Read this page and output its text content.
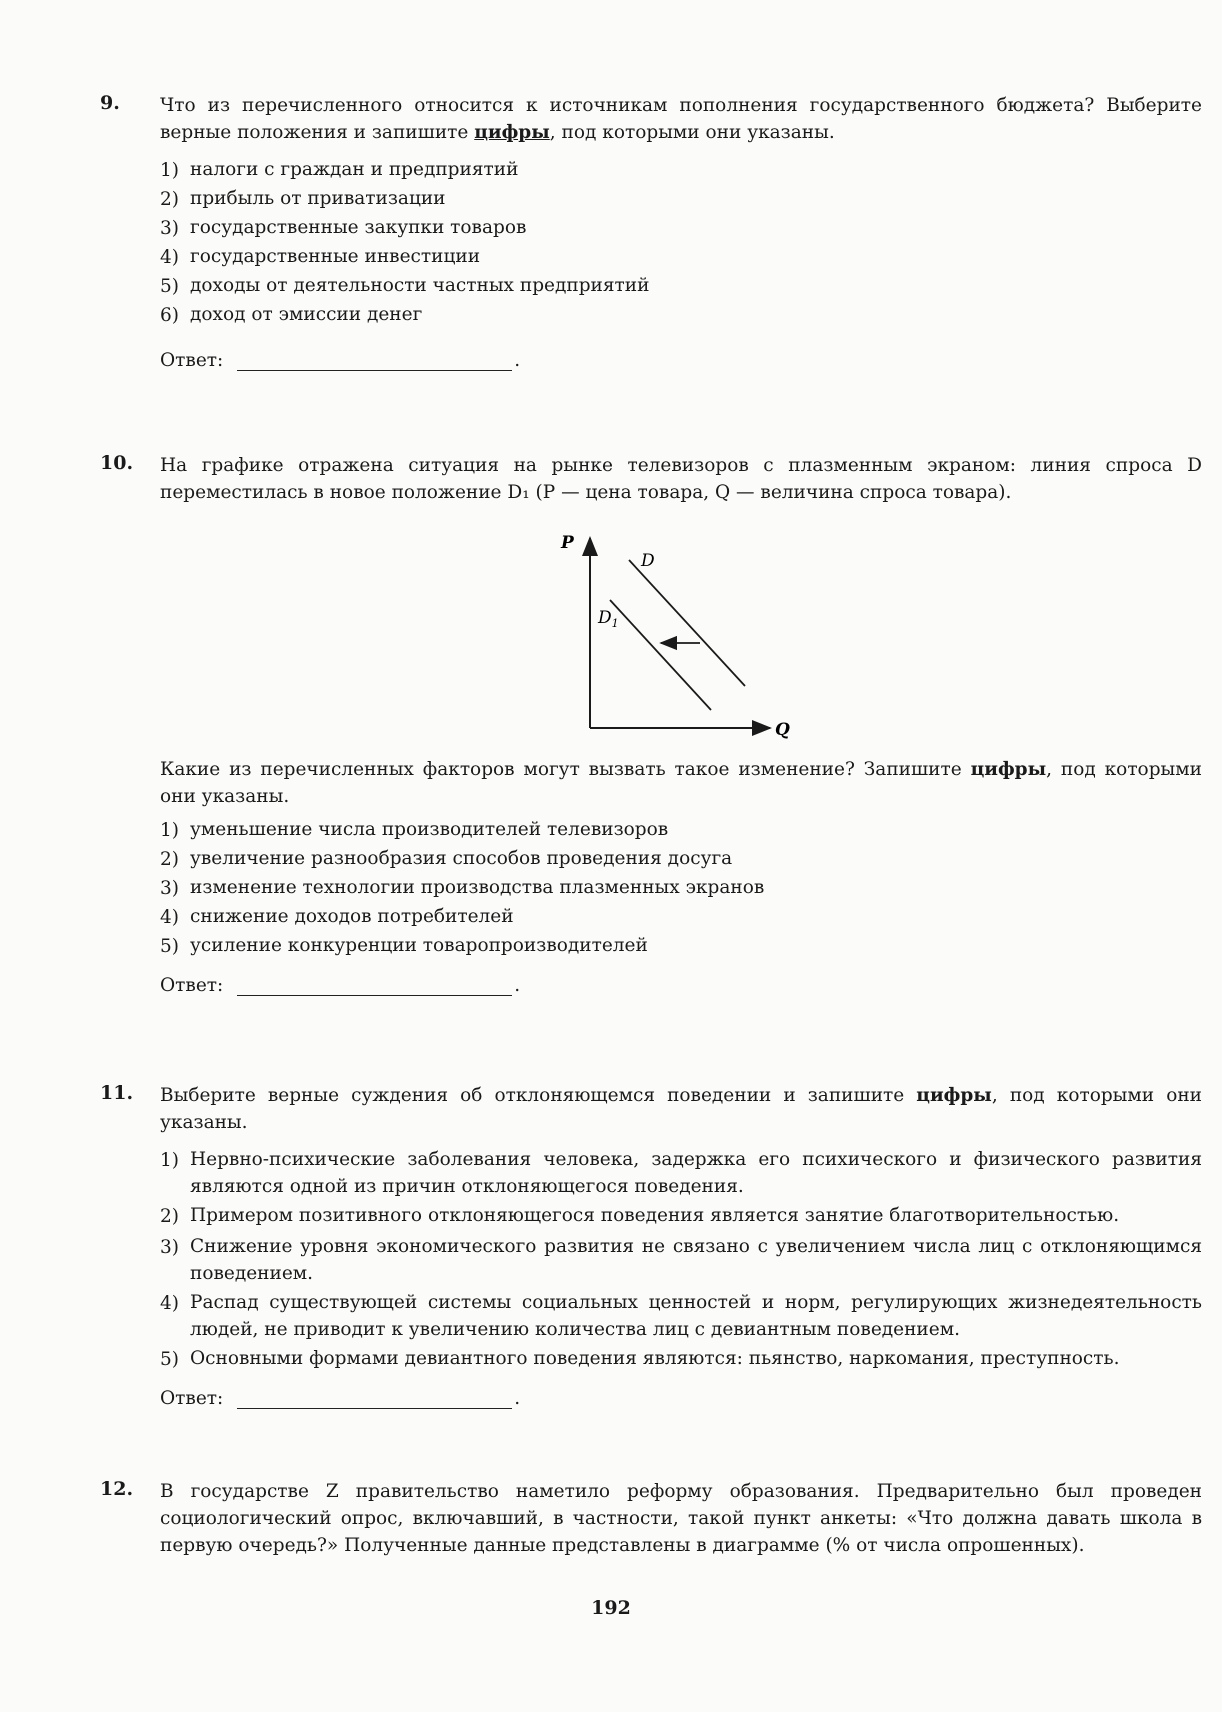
9. Что из перечисленного относится к источникам пополнения государственного бюджета? Выберите верные положения и запишите цифры, под которыми они указаны.
1) налоги с граждан и предприятий
2) прибыль от приватизации
3) государственные закупки товаров
4) государственные инвестиции
5) доходы от деятельности частных предприятий
6) доход от эмиссии денег
Ответ:	.
10. На графике отражена ситуация на рынке телевизоров с плазменным экраном: линия спроса D переместилась в новое положение D₁ (P — цена товара, Q — величина спроса товара).
P
Q
D
$D_1$
Какие из перечисленных факторов могут вызвать такое изменение? Запишите цифры, под которыми они указаны.
1) уменьшение числа производителей телевизоров
2) увеличение разнообразия способов проведения досуга
3) изменение технологии производства плазменных экранов
4) снижение доходов потребителей
5) усиление конкуренции товаропроизводителей
Ответ:	.
11. Выберите верные суждения об отклоняющемся поведении и запишите цифры, под которыми они указаны.
1) Нервно-психические заболевания человека, задержка его психического и физического развития являются одной из причин отклоняющегося поведения.
2) Примером позитивного отклоняющегося поведения является занятие благотворительностью.
3) Снижение уровня экономического развития не связано с увеличением числа лиц с отклоняющимся поведением.
4) Распад существующей системы социальных ценностей и норм, регулирующих жизнедеятельность людей, не приводит к увеличению количества лиц с девиантным поведением.
5) Основными формами девиантного поведения являются: пьянство, наркомания, преступность.
Ответ:	.
12. В государстве Z правительство наметило реформу образования. Предварительно был проведен социологический опрос, включавший, в частности, такой пункт анкеты: «Что должна давать школа в первую очередь?» Полученные данные представлены в диаграмме (% от числа опрошенных).
192
